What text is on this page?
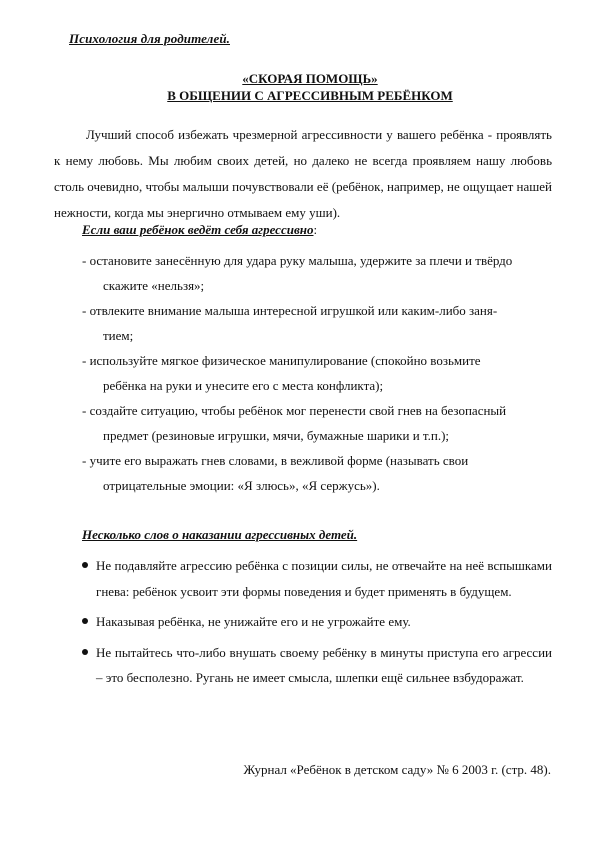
Психология для родителей.
«СКОРАЯ ПОМОЩЬ»
В ОБЩЕНИИ С АГРЕССИВНЫМ РЕБЁНКОМ

Лучший способ избежать чрезмерной агрессивности у вашего ребёнка - проявлять к нему любовь. Мы любим своих детей, но далеко не всегда проявляем нашу любовь столь очевидно, чтобы малыши почувствовали её (ребёнок, например, не ощущает нашей нежности, когда мы энергично отмываем ему уши).

Если ваш ребёнок ведёт себя агрессивно:
- остановите занесённую для удара руку малыша, удержите за плечи и твёрдо
скажите «нельзя»;
- отвлеките внимание малыша интересной игрушкой или каким-либо заня-
тием;
- используйте мягкое физическое манипулирование (спокойно возьмите
ребёнка на руки и унесите его с места конфликта);
- создайте ситуацию, чтобы ребёнок мог перенести свой гнев на безопасный
предмет (резиновые игрушки, мячи, бумажные шарики и т.п.);
- учите его выражать гнев словами, в вежливой форме (называть свои
отрицательные эмоции: «Я злюсь», «Я сержусь»).
Несколько слов о наказании агрессивных детей.
Не подавляйте агрессию ребёнка с позиции силы, не отвечайте на неё вспышками гнева: ребёнок усвоит эти формы поведения и будет применять в будущем.
Наказывая ребёнка, не унижайте его и не угрожайте ему.
Не пытайтесь что-либо внушать своему ребёнку в минуты приступа его агрессии – это бесполезно. Ругань не имеет смысла, шлепки ещё сильнее взбудоражат.
Журнал «Ребёнок в детском саду» № 6 2003 г. (стр. 48).
